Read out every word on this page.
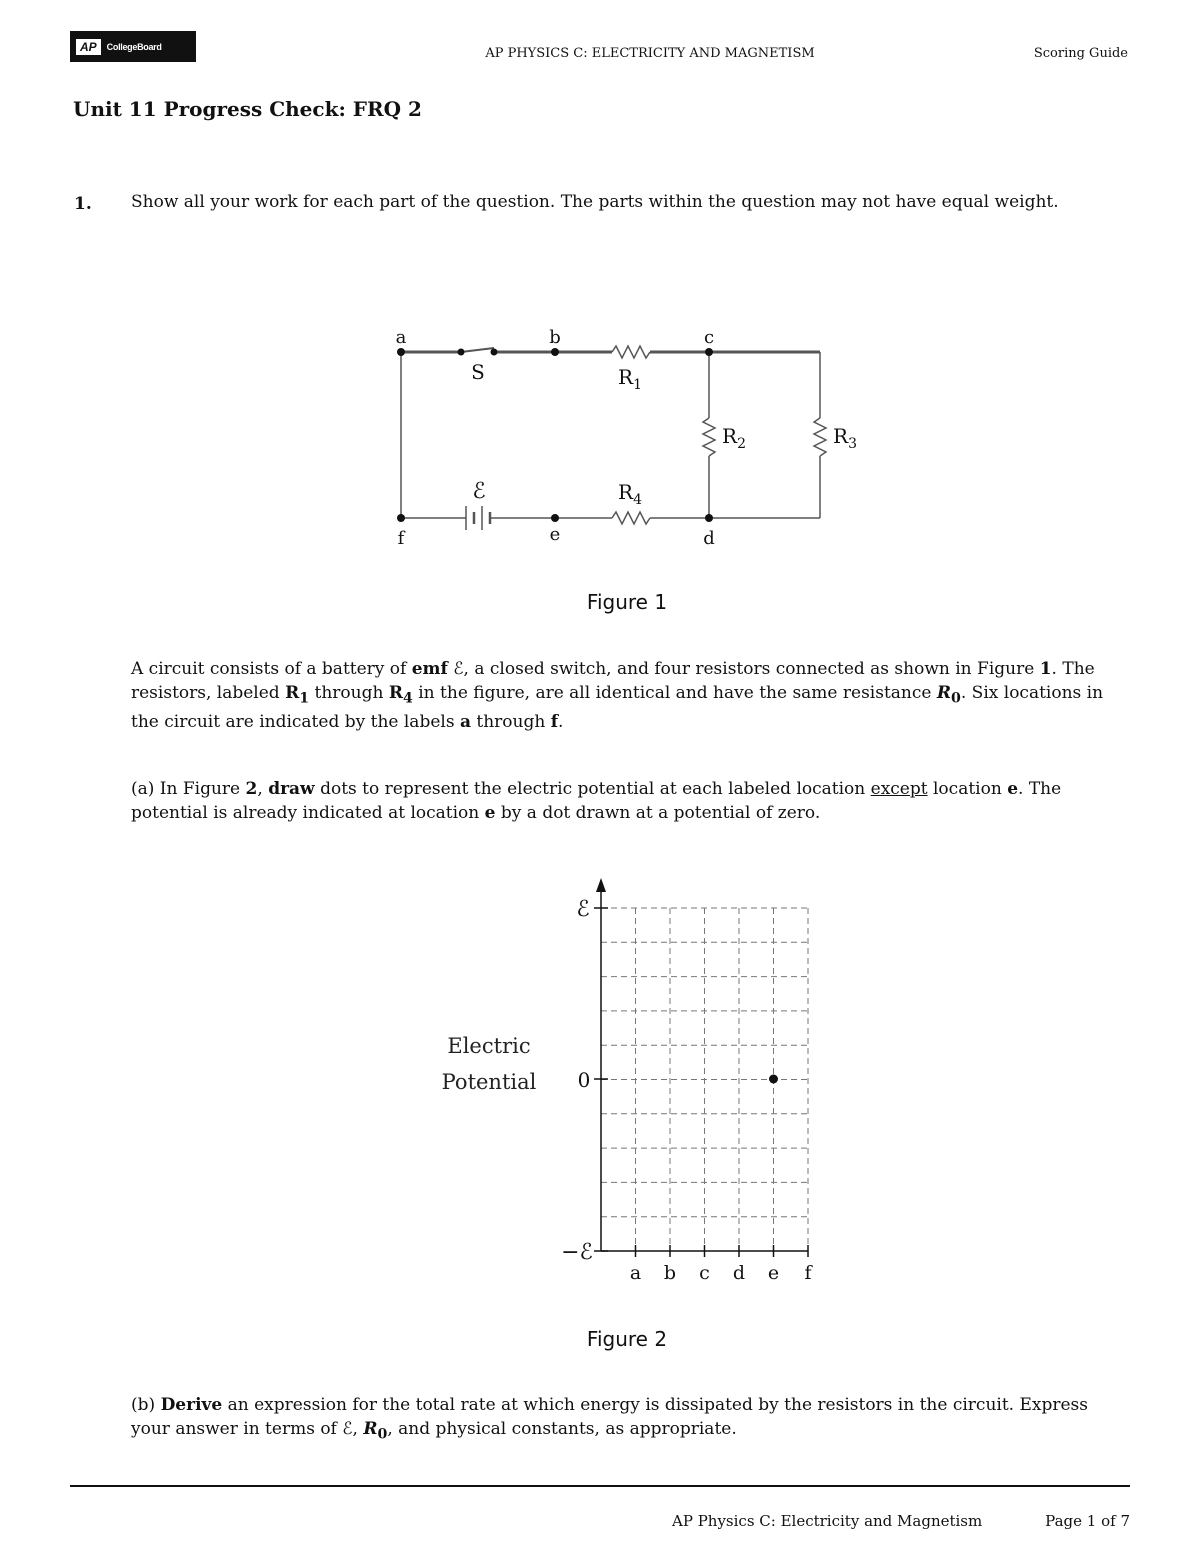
AP	CollegeBoard	AP PHYSICS C: ELECTRICITY AND MAGNETISM	Scoring Guide
Unit 11 Progress Check: FRQ 2
1. Show all your work for each part of the question. The parts within the question may not have equal weight.
a	b	c
d
e
f
S
ℰ
$R_1$
$R_2$	$R_3$
$R_4$
Figure 1
A circuit consists of a battery of emf ℰ, a closed switch, and four resistors connected as shown in Figure 1. The resistors, labeled $R_1$ through $R_4$ in the figure, are all identical and have the same resistance $R_0$. Six locations in the circuit are indicated by the labels a through f.
(a) In Figure 2, draw dots to represent the electric potential at each labeled location except location e. The potential is already indicated at location e by a dot drawn at a potential of zero.
ℰ
0
−ℰ
Electric
Potential
a b c d e f
Figure 2
(b) Derive an expression for the total rate at which energy is dissipated by the resistors in the circuit. Express your answer in terms of ℰ, $R_0$, and physical constants, as appropriate.
AP Physics C: Electricity and Magnetism	Page 1 of 7
